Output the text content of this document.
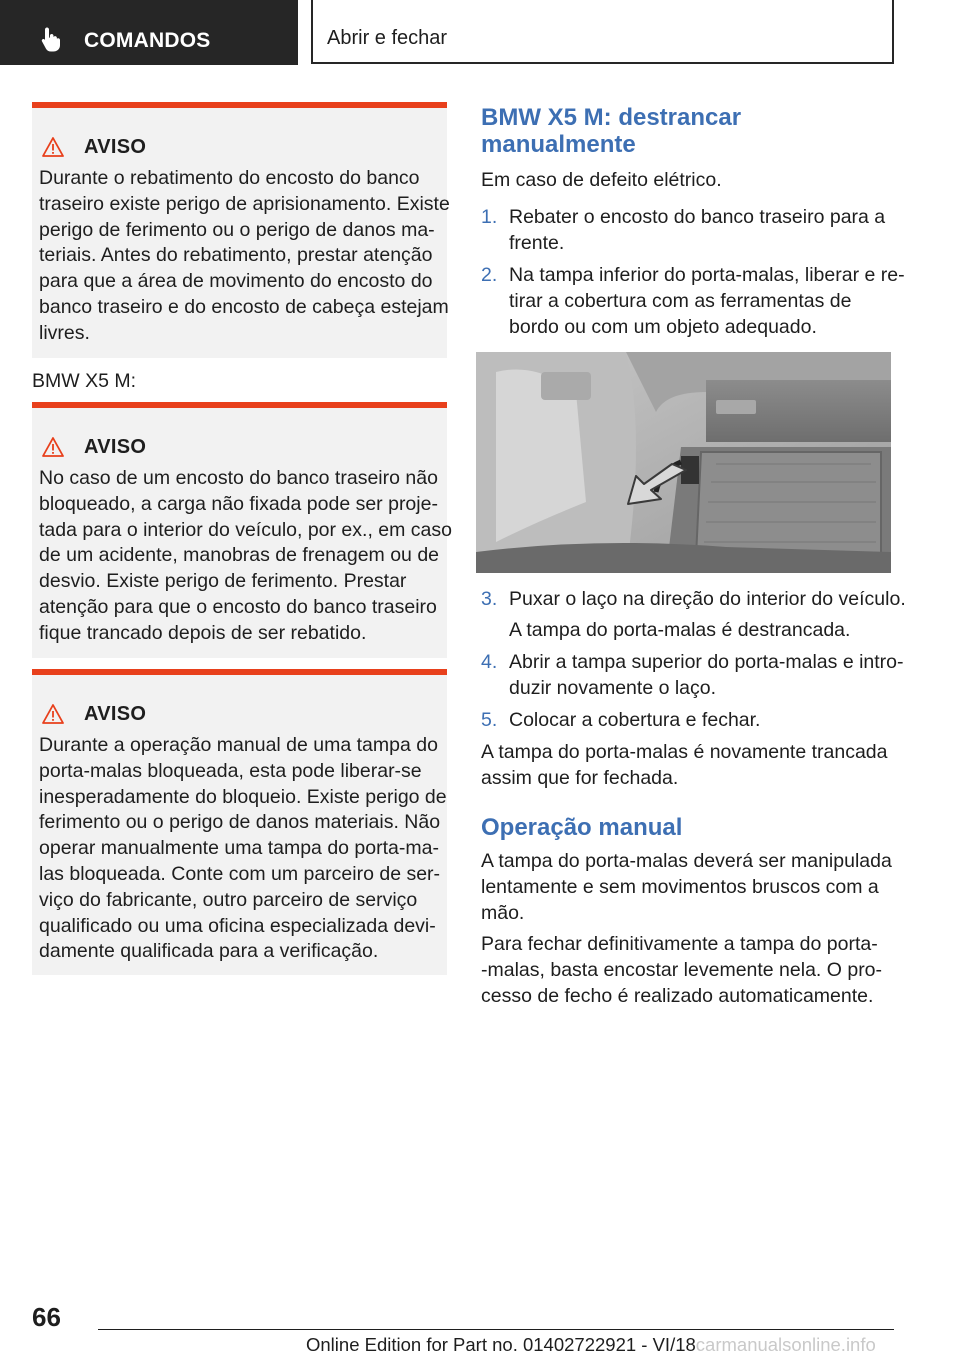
COMANDOS	Abrir e fechar
AVISO
Durante o rebatimento do encosto do banco
traseiro existe perigo de aprisionamento. Existe
perigo de ferimento ou o perigo de danos ma‐
teriais. Antes do rebatimento, prestar atenção
para que a área de movimento do encosto do
banco traseiro e do encosto de cabeça estejam
livres.
BMW X5 M:
AVISO
No caso de um encosto do banco traseiro não
bloqueado, a carga não fixada pode ser proje‐
tada para o interior do veículo, por ex., em caso
de um acidente, manobras de frenagem ou de
desvio. Existe perigo de ferimento. Prestar
atenção para que o encosto do banco traseiro
fique trancado depois de ser rebatido.
AVISO
Durante a operação manual de uma tampa do
porta-malas bloqueada, esta pode liberar-se
inesperadamente do bloqueio. Existe perigo de
ferimento ou o perigo de danos materiais. Não
operar manualmente uma tampa do porta-ma‐
las bloqueada. Conte com um parceiro de ser‐
viço do fabricante, outro parceiro de serviço
qualificado ou uma oficina especializada devi‐
damente qualificada para a verificação.
BMW X5 M: destrancar
manualmente
Em caso de defeito elétrico.
1. Rebater o encosto do banco traseiro para a
frente.
2. Na tampa inferior do porta-malas, liberar e re‐
tirar a cobertura com as ferramentas de
bordo ou com um objeto adequado.
3. Puxar o laço na direção do interior do veículo.
A tampa do porta-malas é destrancada.
4. Abrir a tampa superior do porta-malas e intro‐
duzir novamente o laço.
5. Colocar a cobertura e fechar.
A tampa do porta-malas é novamente trancada
assim que for fechada.
Operação manual
A tampa do porta-malas deverá ser manipulada
lentamente e sem movimentos bruscos com a
mão.
Para fechar definitivamente a tampa do porta‐
‐malas, basta encostar levemente nela. O pro‐
cesso de fecho é realizado automaticamente.
66
Online Edition for Part no. 01402722921 - VI/18carmanualsonline.info
